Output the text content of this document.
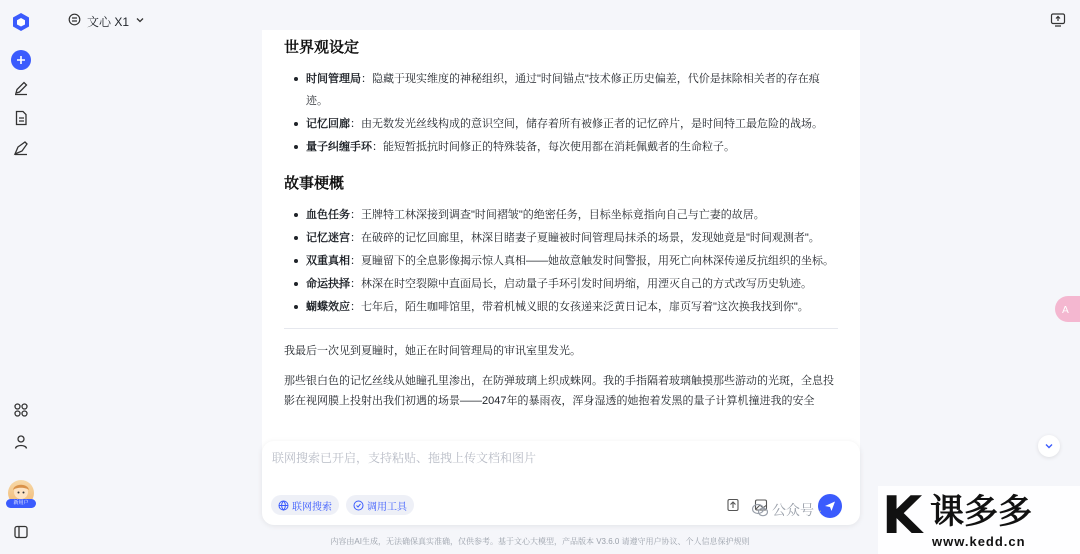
新用户
文心 X1
世界观设定
时间管理局：隐藏于现实维度的神秘组织，通过"时间锚点"技术修正历史偏差，代价是抹除相关者的存在痕迹。
记忆回廊：由无数发光丝线构成的意识空间，储存着所有被修正者的记忆碎片，是时间特工最危险的战场。
量子纠缠手环：能短暂抵抗时间修正的特殊装备，每次使用都在消耗佩戴者的生命粒子。
故事梗概
血色任务：王牌特工林深接到调查"时间褶皱"的绝密任务，目标坐标竟指向自己与亡妻的故居。
记忆迷宫：在破碎的记忆回廊里，林深目睹妻子夏瞳被时间管理局抹杀的场景，发现她竟是"时间观测者"。
双重真相：夏瞳留下的全息影像揭示惊人真相——她故意触发时间警报，用死亡向林深传递反抗组织的坐标。
命运抉择：林深在时空裂隙中直面局长，启动量子手环引发时间坍缩，用湮灭自己的方式改写历史轨迹。
蝴蝶效应：七年后，陌生咖啡馆里，带着机械义眼的女孩递来泛黄日记本，扉页写着"这次换我找到你"。

我最后一次见到夏瞳时，她正在时间管理局的审讯室里发光。

那些银白色的记忆丝线从她瞳孔里渗出，在防弹玻璃上织成蛛网。我的手指隔着玻璃触摸那些游动的光斑，全息投影在视网膜上投射出我们初遇的场景——2047年的暴雨夜，浑身湿透的她抱着发黑的量子计算机撞进我的安全

A
联网搜索已开启，支持粘贴、拖拽上传文档和图片
联网搜索	调用工具	公众号 · K 课多多
www.kedd.cn
内容由AI生成，无法确保真实准确，仅供参考。基于文心大模型，产品版本 V3.6.0 请遵守用户协议、个人信息保护规则
